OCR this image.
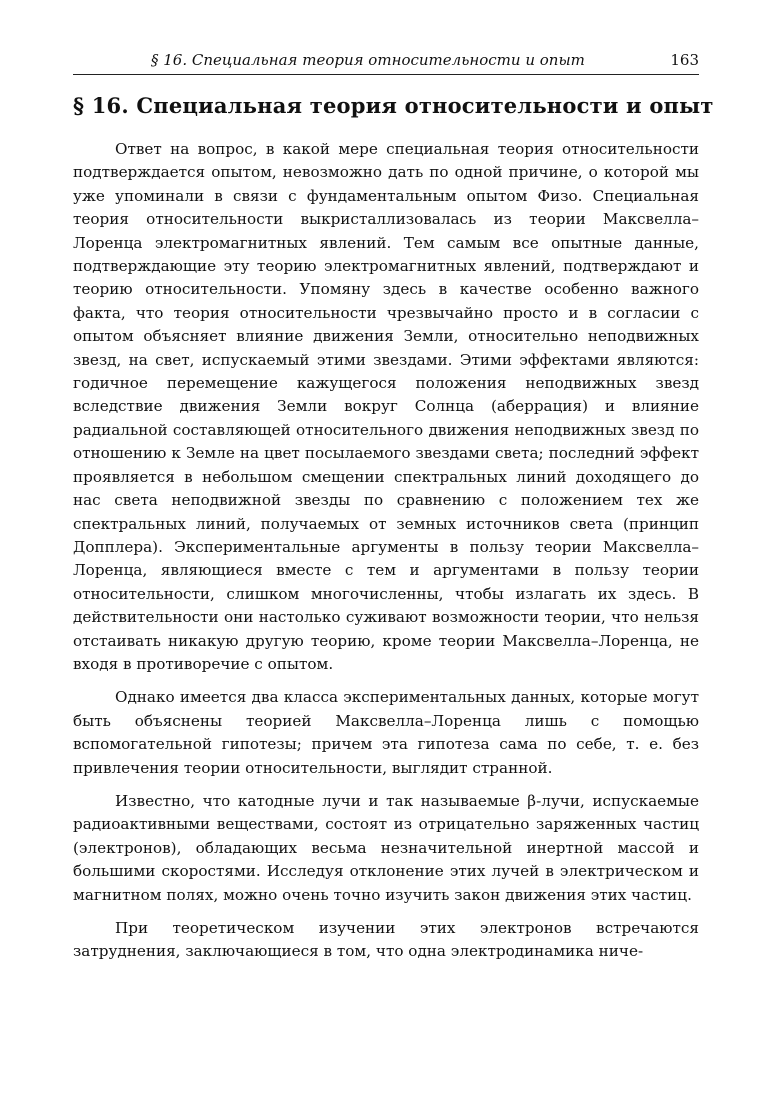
§ 16. Специальная теория относительности и опыт	163
§ 16. Специальная теория относительности и опыт

Ответ на вопрос, в какой мере специальная теория относительности подтверждается опытом, невозможно дать по одной причине, о которой мы уже упоминали в связи с фундаментальным опытом Физо. Специальная теория относительности выкристаллизовалась из теории Максвелла–Лоренца электромагнитных явлений. Тем самым все опытные данные, подтверждающие эту теорию электромагнитных явлений, подтверждают и теорию относительности. Упомяну здесь в качестве особенно важного факта, что теория относительности чрезвычайно просто и в согласии с опытом объясняет влияние движения Земли, относительно неподвижных звезд, на свет, испускаемый этими звездами. Этими эффектами являются: годичное перемещение кажущегося положения неподвижных звезд вследствие движения Земли вокруг Солнца (аберрация) и влияние радиальной составляющей относительного движения неподвижных звезд по отношению к Земле на цвет посылаемого звездами света; последний эффект проявляется в небольшом смещении спектральных линий доходящего до нас света неподвижной звезды по сравнению с положением тех же спектральных линий, получаемых от земных источников света (принцип Допплера). Экспериментальные аргументы в пользу теории Максвелла–Лоренца, являющиеся вместе с тем и аргументами в пользу теории относительности, слишком многочисленны, чтобы излагать их здесь. В действительности они настолько суживают возможности теории, что нельзя отстаивать никакую другую теорию, кроме теории Максвелла–Лоренца, не входя в противоречие с опытом.

Однако имеется два класса экспериментальных данных, которые могут быть объяснены теорией Максвелла–Лоренца лишь с помощью вспомогательной гипотезы; причем эта гипотеза сама по себе, т. е. без привлечения теории относительности, выглядит странной.

Известно, что катодные лучи и так называемые β-лучи, испускаемые радиоактивными веществами, состоят из отрицательно заряженных частиц (электронов), обладающих весьма незначительной инертной массой и большими скоростями. Исследуя отклонение этих лучей в электрическом и магнитном полях, можно очень точно изучить закон движения этих частиц.

При теоретическом изучении этих электронов встречаются затруднения, заключающиеся в том, что одна электродинамика ниче-
